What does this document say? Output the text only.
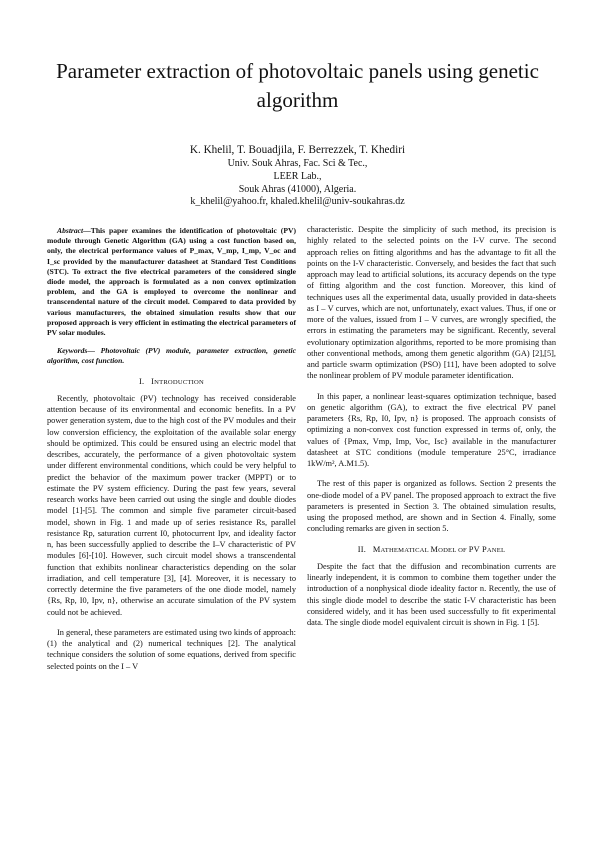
Parameter extraction of photovoltaic panels using genetic algorithm
K. Khelil, T. Bouadjila, F. Berrezzek, T. Khediri
Univ. Souk Ahras, Fac. Sci & Tec.,
LEER Lab.,
Souk Ahras (41000), Algeria.
k_khelil@yahoo.fr, khaled.khelil@univ-soukahras.dz

Abstract—This paper examines the identification of photovoltaic (PV) module through Genetic Algorithm (GA) using a cost function based on, only, the electrical performance values of P_max, V_mp, I_mp, V_oc and I_sc provided by the manufacturer datasheet at Standard Test Conditions (STC). To extract the five electrical parameters of the considered single diode model, the approach is formulated as a non convex optimization problem, and the GA is employed to overcome the nonlinear and transcendental nature of the circuit model. Compared to data provided by various manufacturers, the obtained simulation results show that our proposed approach is very efficient in estimating the electrical parameters of PV solar modules.

Keywords— Photovoltaic (PV) module, parameter extraction, genetic algorithm, cost function.

I. INTRODUCTION

Recently, photovoltaic (PV) technology has received considerable attention because of its environmental and economic benefits. In a PV power generation system, due to the high cost of the PV modules and their low conversion efficiency, the exploitation of the available solar energy should be optimized. This could be ensured using an electric model that describes, accurately, the performance of a given photovoltaic system under different environmental conditions, which could be very helpful to predict the behavior of the maximum power tracker (MPPT) or to estimate the PV system efficiency. During the past few years, several research works have been carried out using the single and double diodes model [1]-[5]. The common and simple five parameter circuit-based model, shown in Fig. 1 and made up of series resistance Rs, parallel resistance Rp, saturation current I0, photocurrent Ipv, and ideality factor n, has been successfully applied to describe the I–V characteristic of PV modules [6]-[10]. However, such circuit model shows a transcendental function that exhibits nonlinear characteristics depending on the solar irradiation, and cell temperature [3], [4]. Moreover, it is necessary to correctly determine the five parameters of the one diode model, namely {Rs, Rp, I0, Ipv, n}, otherwise an accurate simulation of the PV system could not be achieved.

In general, these parameters are estimated using two kinds of approach: (1) the analytical and (2) numerical techniques [2]. The analytical technique considers the solution of some equations, derived from specific selected points on the I – V

characteristic. Despite the simplicity of such method, its precision is highly related to the selected points on the I-V curve. The second approach relies on fitting algorithms and has the advantage to fit all the points on the I-V characteristic. Conversely, and besides the fact that such approach may lead to artificial solutions, its accuracy depends on the type of fitting algorithm and the cost function. Moreover, this kind of techniques uses all the experimental data, usually provided in data-sheets as I – V curves, which are not, unfortunately, exact values. Thus, if one or more of the values, issued from I – V curves, are wrongly specified, the errors in estimating the parameters may be significant. Recently, several evolutionary optimization algorithms, reported to be more promising than other conventional methods, among them genetic algorithm (GA) [2],[5], and particle swarm optimization (PSO) [11], have been adopted to solve the nonlinear problem of PV module parameter identification.

In this paper, a nonlinear least-squares optimization technique, based on genetic algorithm (GA), to extract the five electrical PV panel parameters {Rs, Rp, I0, Ipv, n} is proposed. The approach consists of optimizing a non-convex cost function expressed in terms of, only, the values of {Pmax, Vmp, Imp, Voc, Isc} available in the manufacturer datasheet at STC conditions (module temperature 25°C, irradiance 1kW/m², A.M1.5).

The rest of this paper is organized as follows. Section 2 presents the one-diode model of a PV panel. The proposed approach to extract the five parameters is presented in Section 3. The obtained simulation results, using the proposed method, are shown and in Section 4. Finally, some concluding remarks are given in section 5.

II. MATHEMATICAL MODEL OF PV PANEL

Despite the fact that the diffusion and recombination currents are linearly independent, it is common to combine them together under the introduction of a nonphysical diode ideality factor n. Recently, the use of this single diode model to describe the static I-V characteristic has been considered widely, and it has been used successfully to fit experimental data. The single diode model equivalent circuit is shown in Fig. 1 [5].
